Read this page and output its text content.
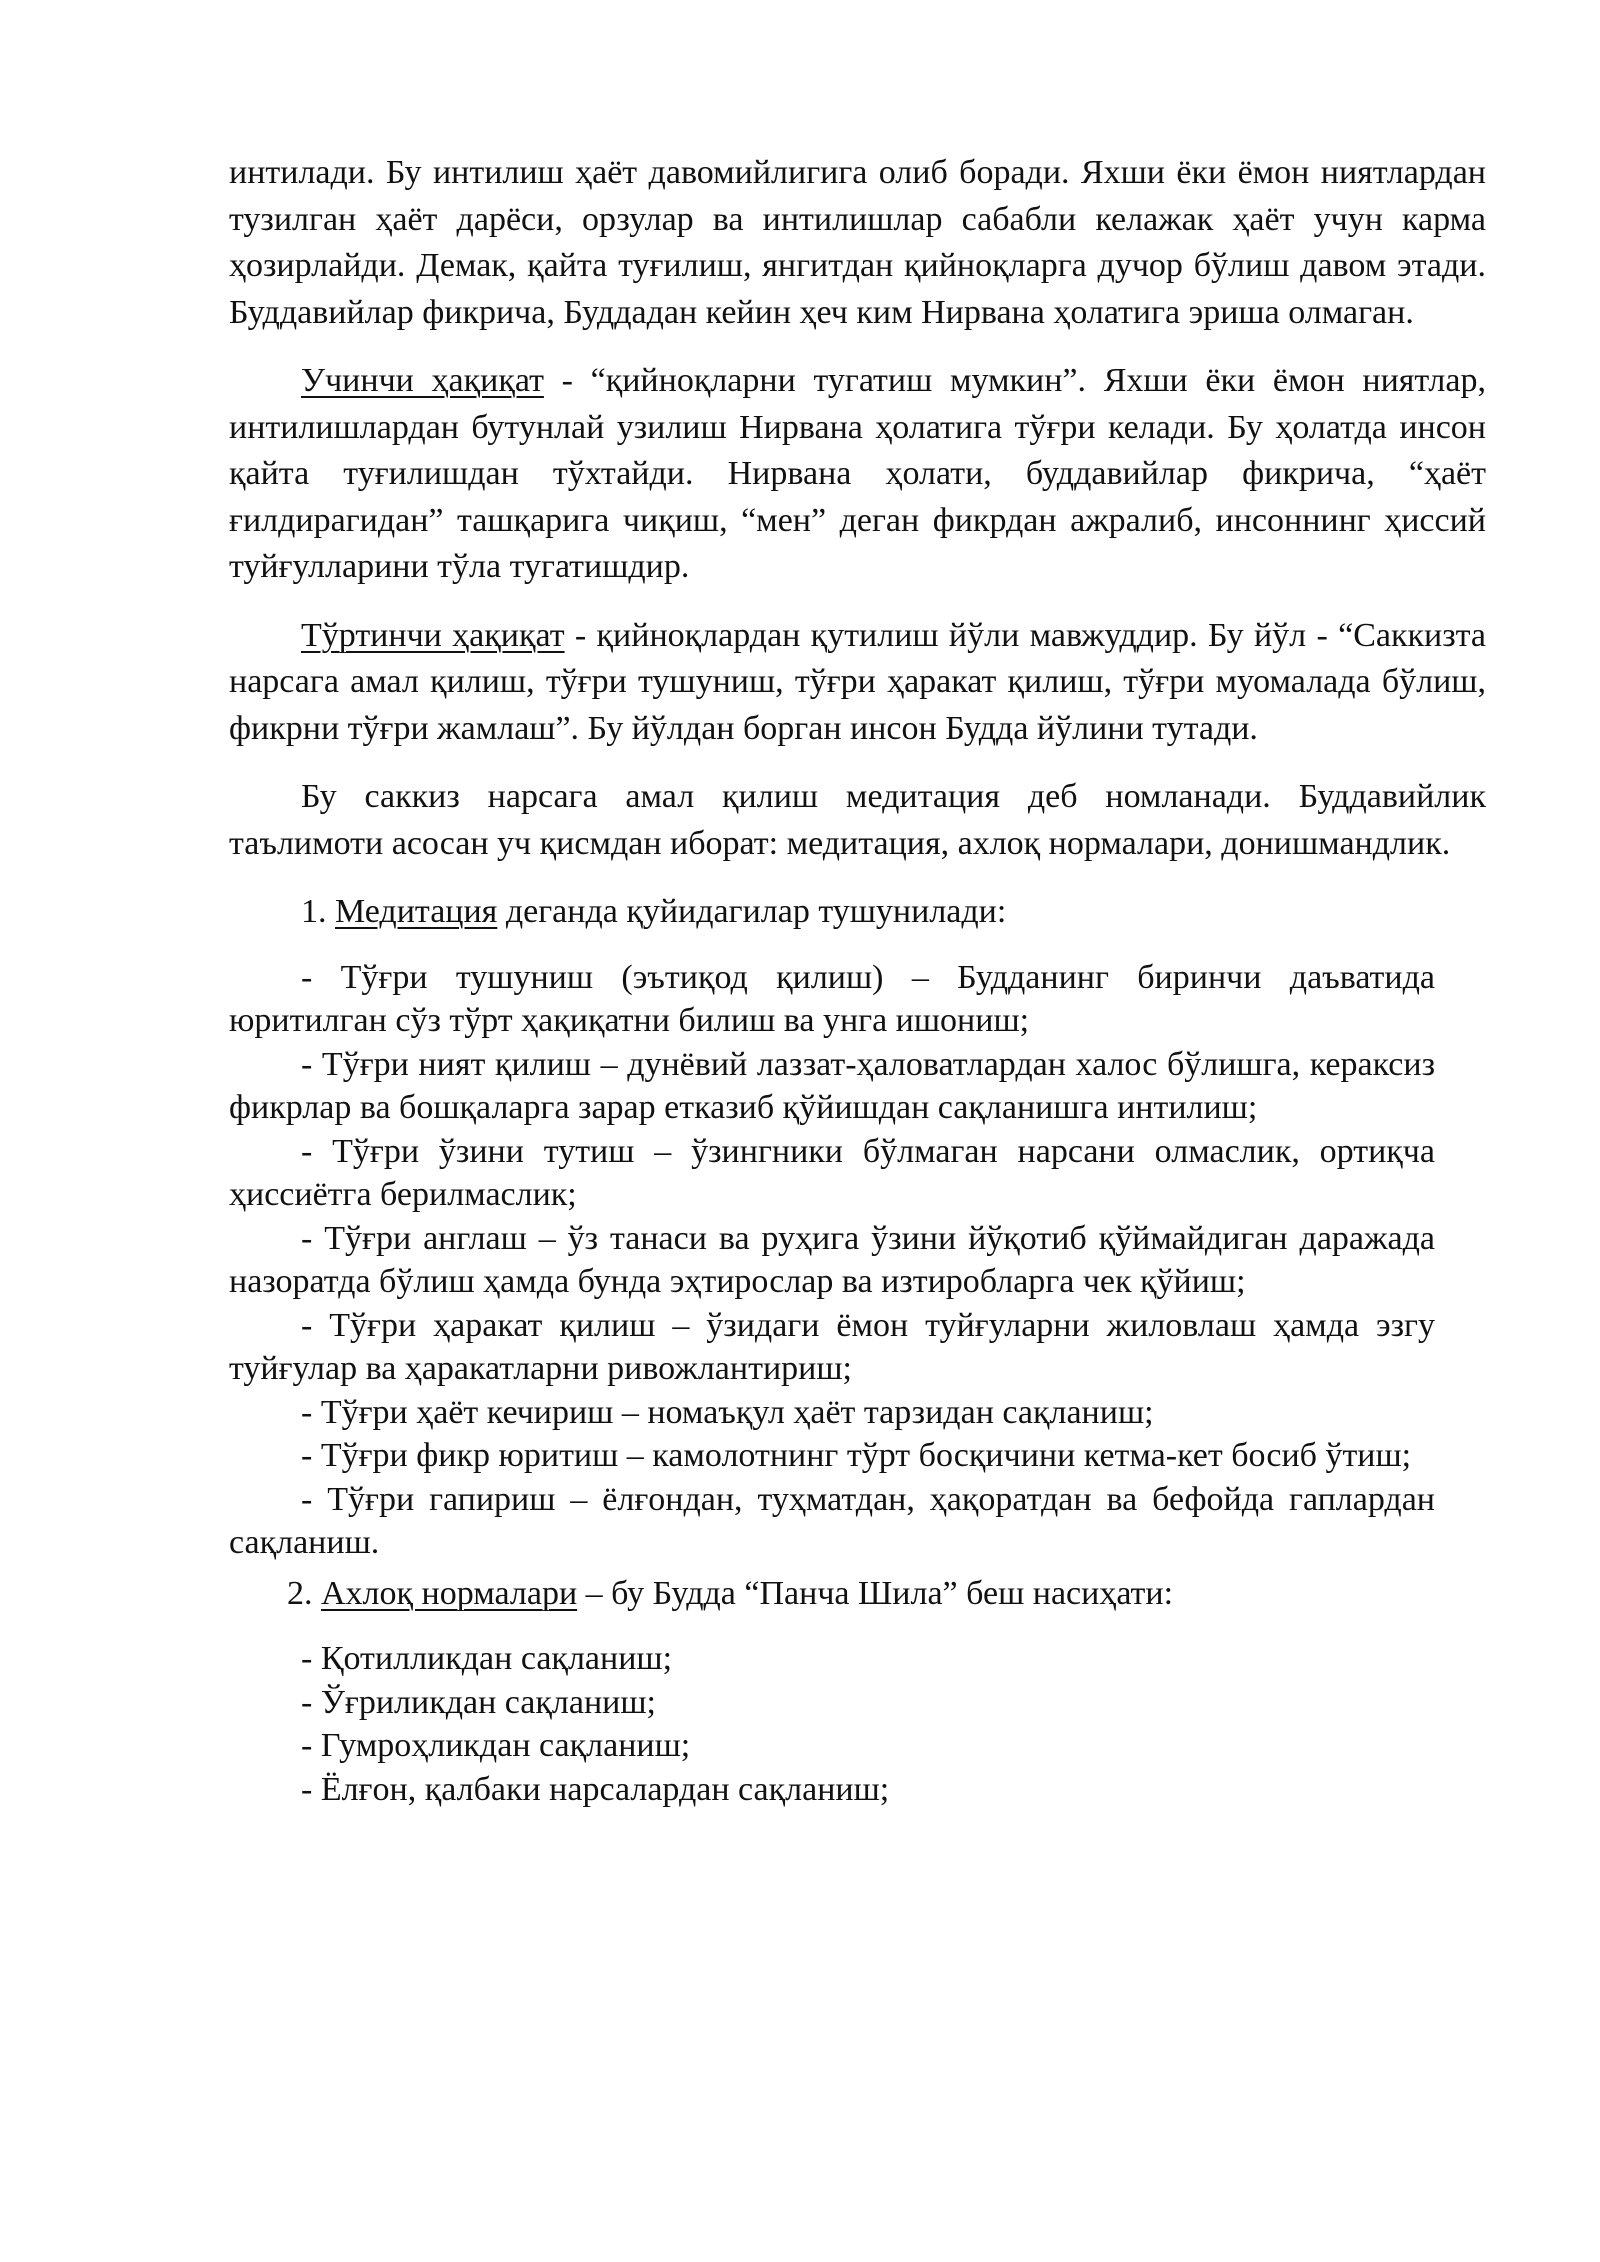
интилади. Бу интилиш ҳаёт давомийлигига олиб боради. Яхши ёки ёмон ниятлардан тузилган ҳаёт дарёси, орзулар ва интилишлар сабабли келажак ҳаёт учун карма ҳозирлайди. Демак, қайта туғилиш, янгитдан қийноқларга дучор бўлиш давом этади. Буддавийлар фикрича, Буддадан кейин ҳеч ким Нирвана ҳолатига эриша олмаган.

Учинчи ҳақиқат - “қийноқларни тугатиш мумкин”. Яхши ёки ёмон ниятлар, интилишлардан бутунлай узилиш Нирвана ҳолатига тўғри келади. Бу ҳолатда инсон қайта туғилишдан тўхтайди. Нирвана ҳолати, буддавийлар фикрича, “ҳаёт ғилдирагидан” ташқарига чиқиш, “мен” деган фикрдан ажралиб, инсоннинг ҳиссий туйғулларини тўла тугатишдир.

Тўртинчи ҳақиқат - қийноқлардан қутилиш йўли мавжуддир. Бу йўл - “Саккизта нарсага амал қилиш, тўғри тушуниш, тўғри ҳаракат қилиш, тўғри муомалада бўлиш, фикрни тўғри жамлаш”. Бу йўлдан борган инсон Будда йўлини тутади.

Бу саккиз нарсага амал қилиш медитация деб номланади. Буддавийлик таълимоти асосан уч қисмдан иборат: медитация, ахлоқ нормалари, донишмандлик.

1. Медитация деганда қуйидагилар тушунилади:

- Тўғри тушуниш (эътиқод қилиш) – Будданинг биринчи даъватида юритилган сўз тўрт ҳақиқатни билиш ва унга ишониш;

- Тўғри ният қилиш – дунёвий лаззат-ҳаловатлардан халос бўлишга, кераксиз фикрлар ва бошқаларга зарар етказиб қўйишдан сақланишга интилиш;

- Тўғри ўзини тутиш – ўзингники бўлмаган нарсани олмаслик, ортиқча ҳиссиётга берилмаслик;

- Тўғри англаш – ўз танаси ва руҳига ўзини йўқотиб қўймайдиган даражада назоратда бўлиш ҳамда бунда эҳтирослар ва изтиробларга чек қўйиш;

- Тўғри ҳаракат қилиш – ўзидаги ёмон туйғуларни жиловлаш ҳамда эзгу туйғулар ва ҳаракатларни ривожлантириш;

- Тўғри ҳаёт кечириш – номаъқул ҳаёт тарзидан сақланиш;

- Тўғри фикр юритиш – камолотнинг тўрт босқичини кетма-кет босиб ўтиш;

- Тўғри гапириш – ёлғондан, туҳматдан, ҳақоратдан ва бефойда гаплардан сақланиш.

2. Ахлоқ нормалари – бу Будда “Панча Шила” беш насиҳати:

- Қотилликдан сақланиш;

- Ўғриликдан сақланиш;

- Гумроҳликдан сақланиш;

- Ёлғон, қалбаки нарсалардан сақланиш;
